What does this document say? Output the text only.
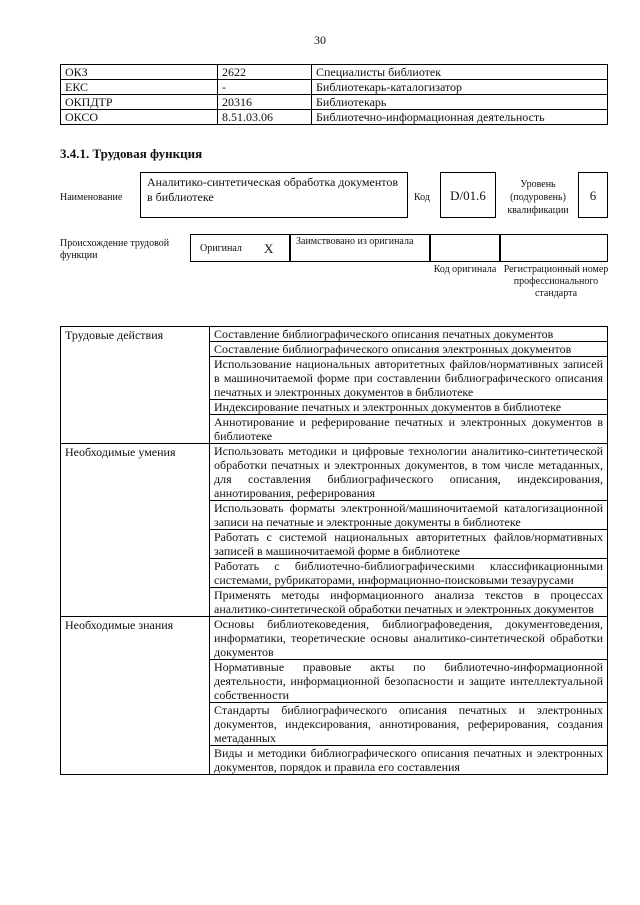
30
ОКЗ	2622	Специалисты библиотек
ЕКС	-	Библиотекарь-каталогизатор
ОКПДТР	20316	Библиотекарь
ОКСО	8.51.03.06	Библиотечно-информационная деятельность
3.4.1. Трудовая функция
Наименование
Аналитико-синтетическая обработка документов в библиотеке	Код	D/01.6
Уровень (подуровень) квалификации
6
Происхождение трудовой функции
Оригинал X Заимствовано из оригинала
Код оригинала Регистрационный номер профессионального стандарта
Трудовые действия	Составление библиографического описания печатных документов
	Составление библиографического описания электронных документов
	Использование национальных авторитетных файлов/нормативных записей в машиночитаемой форме при составлении библиографического описания печатных и электронных документов в библиотеке
	Индексирование печатных и электронных документов в библиотеке
	Аннотирование и реферирование печатных и электронных документов в библиотеке
Необходимые умения	Использовать методики и цифровые технологии аналитико-синтетической обработки печатных и электронных документов, в том числе метаданных, для составления библиографического описания, индексирования, аннотирования, реферирования
	Использовать форматы электронной/машиночитаемой каталогизационной записи на печатные и электронные документы в библиотеке
	Работать с системой национальных авторитетных файлов/нормативных записей в машиночитаемой форме в библиотеке
	Работать с библиотечно-библиографическими классификационными системами, рубрикаторами, информационно-поисковыми тезаурусами
	Применять методы информационного анализа текстов в процессах аналитико-синтетической обработки печатных и электронных документов
Необходимые знания	Основы библиотековедения, библиографоведения, документоведения, информатики, теоретические основы аналитико-синтетической обработки документов
	Нормативные правовые акты по библиотечно-информационной деятельности, информационной безопасности и защите интеллектуальной собственности
	Стандарты библиографического описания печатных и электронных документов, индексирования, аннотирования, реферирования, создания метаданных
	Виды и методики библиографического описания печатных и электронных документов, порядок и правила его составления
